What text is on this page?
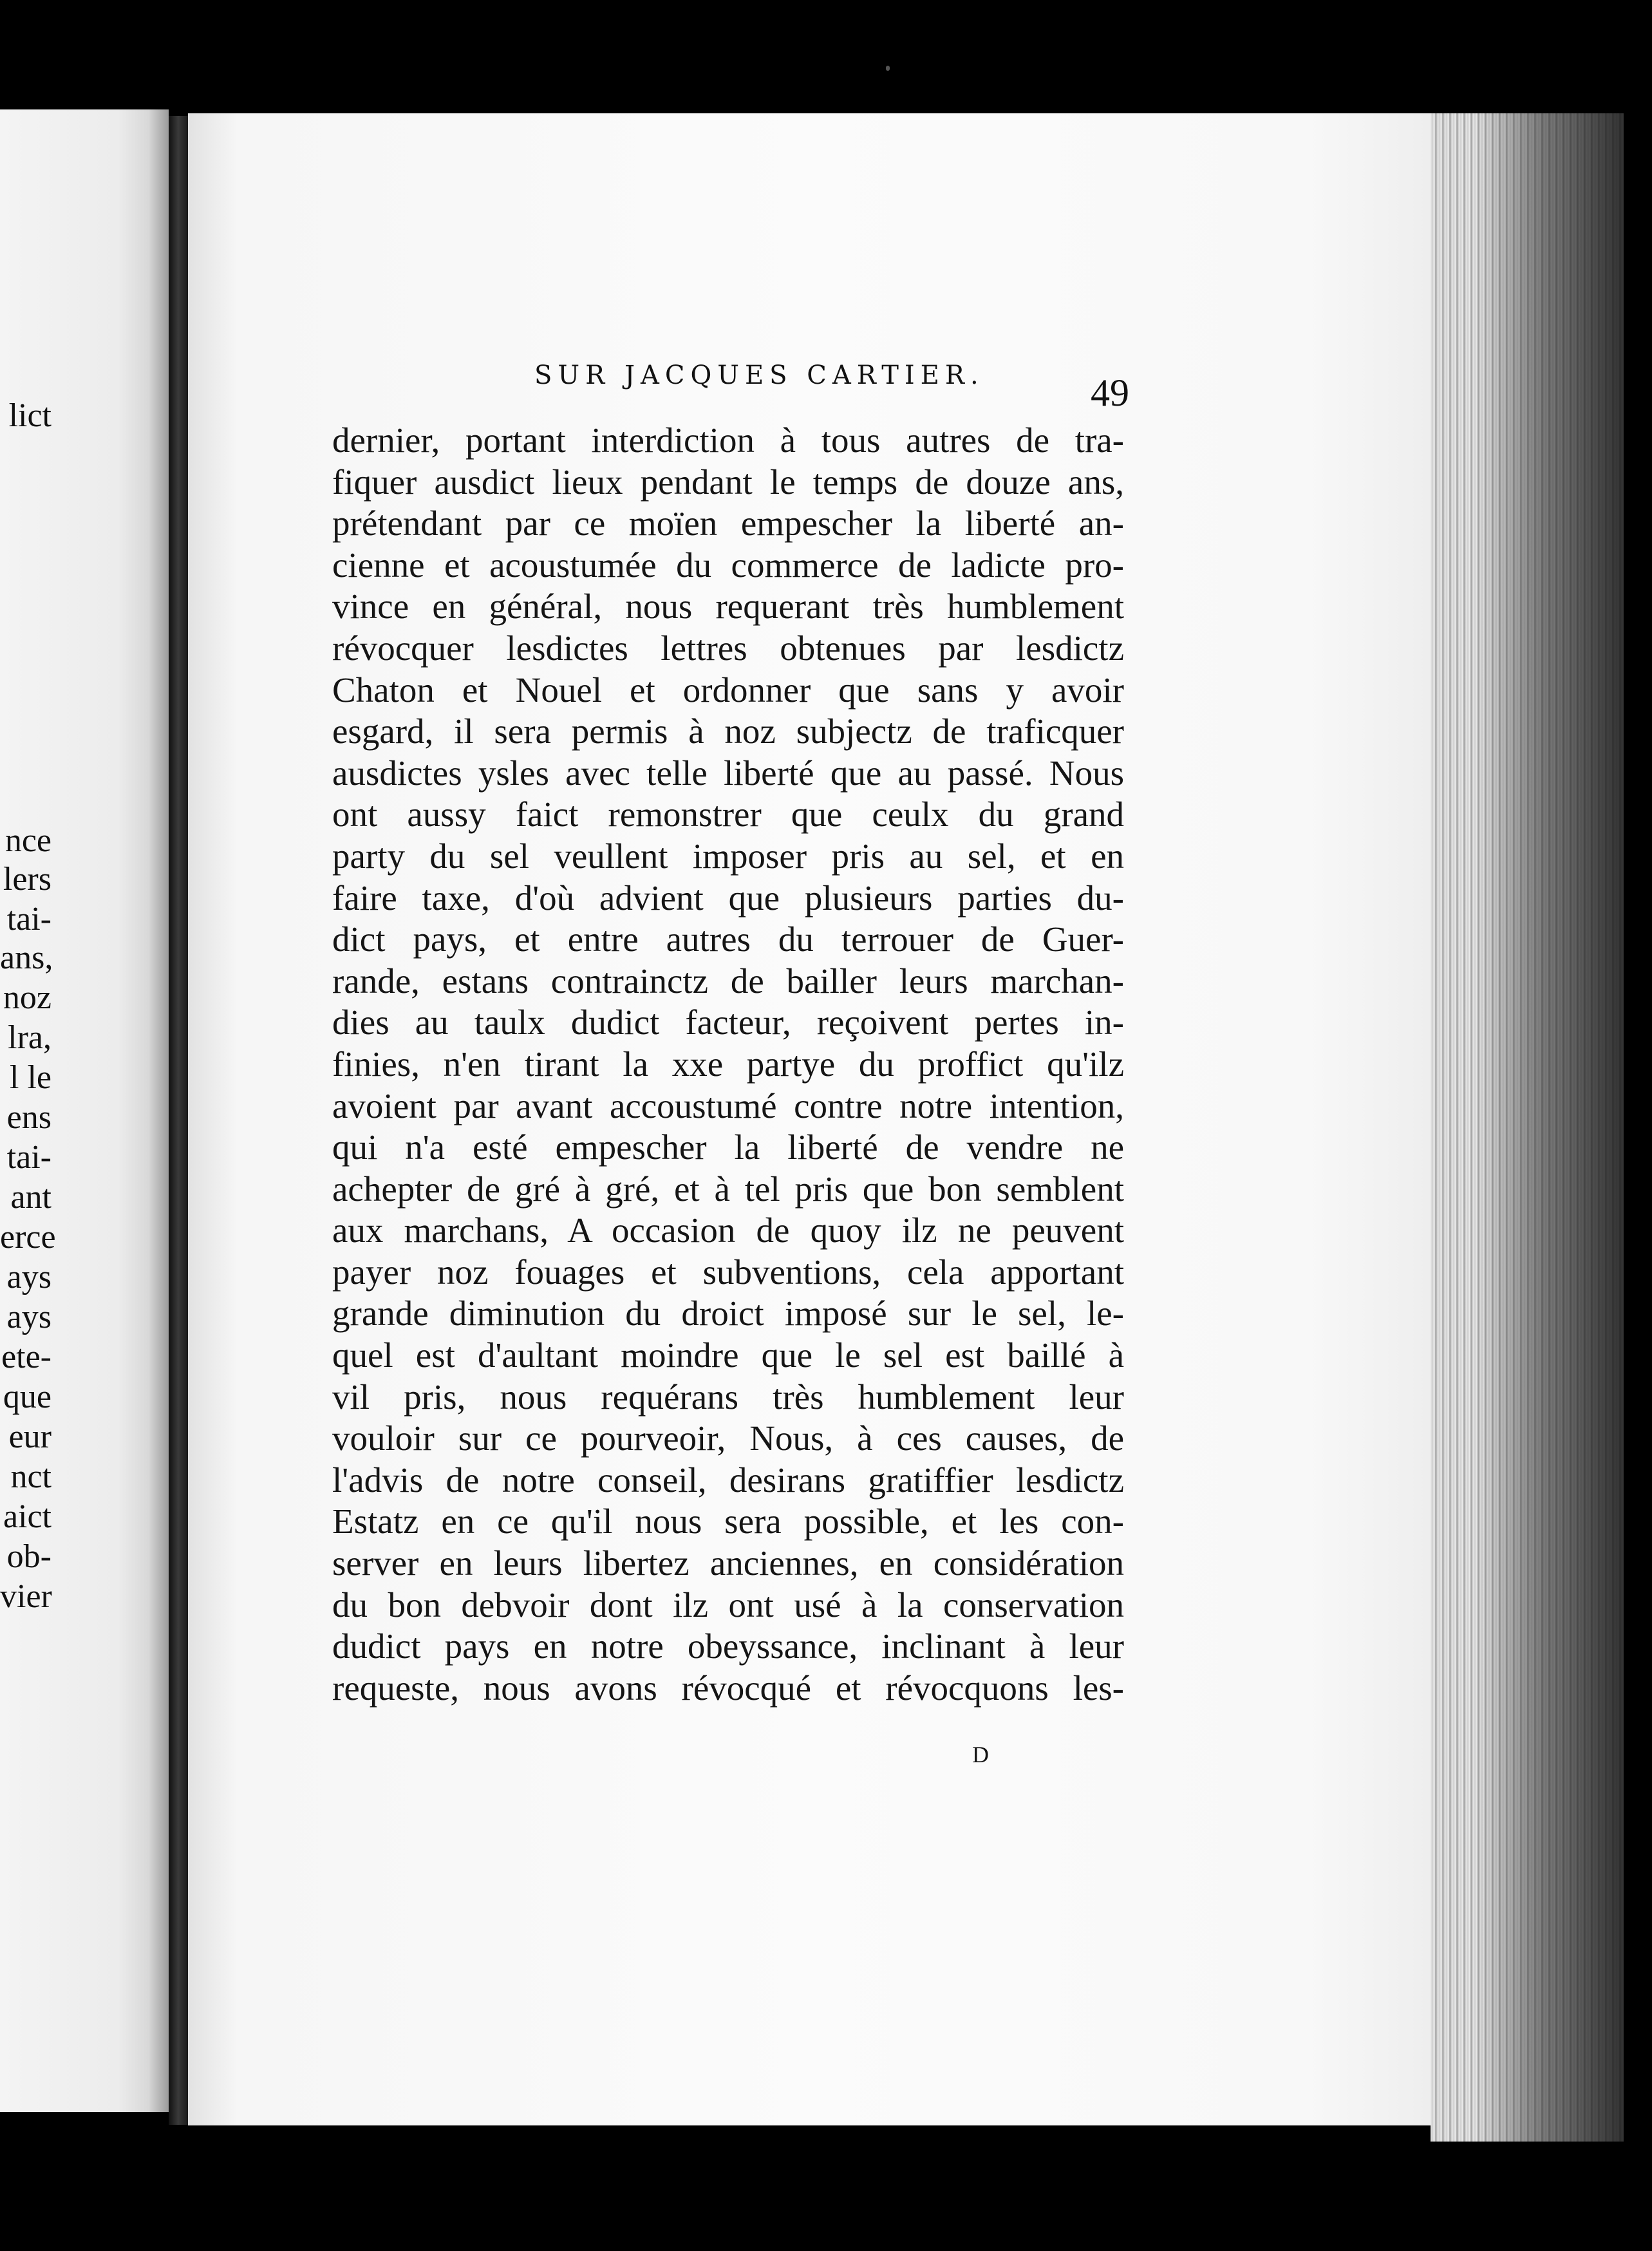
lict
nce
lers
tai-
ans,
noz
lra,
l le
ens
tai-
ant
erce
ays
ays
ete-
que
eur
nct
aict
ob-
vier
SUR JACQUES CARTIER.	49
dernier, portant interdiction à tous autres de tra-
fiquer ausdict lieux pendant le temps de douze ans,
prétendant par ce moïen empescher la liberté an-
cienne et acoustumée du commerce de ladicte pro-
vince en général, nous requerant très humblement
révocquer lesdictes lettres obtenues par lesdictz
Chaton et Nouel et ordonner que sans y avoir
esgard, il sera permis à noz subjectz de traficquer
ausdictes ysles avec telle liberté que au passé. Nous
ont aussy faict remonstrer que ceulx du grand
party du sel veullent imposer pris au sel, et en
faire taxe, d'où advient que plusieurs parties du-
dict pays, et entre autres du terrouer de Guer-
rande, estans contrainctz de bailler leurs marchan-
dies au taulx dudict facteur, reçoivent pertes in-
finies, n'en tirant la xxe partye du proffict qu'ilz
avoient par avant accoustumé contre notre intention,
qui n'a esté empescher la liberté de vendre ne
achepter de gré à gré, et à tel pris que bon semblent
aux marchans, A occasion de quoy ilz ne peuvent
payer noz fouages et subventions, cela apportant
grande diminution du droict imposé sur le sel, le-
quel est d'aultant moindre que le sel est baillé à
vil pris, nous requérans très humblement leur
vouloir sur ce pourveoir, Nous, à ces causes, de
l'advis de notre conseil, desirans gratiffier lesdictz
Estatz en ce qu'il nous sera possible, et les con-
server en leurs libertez anciennes, en considération
du bon debvoir dont ilz ont usé à la conservation
dudict pays en notre obeyssance, inclinant à leur
requeste, nous avons révocqué et révocquons les-
D
